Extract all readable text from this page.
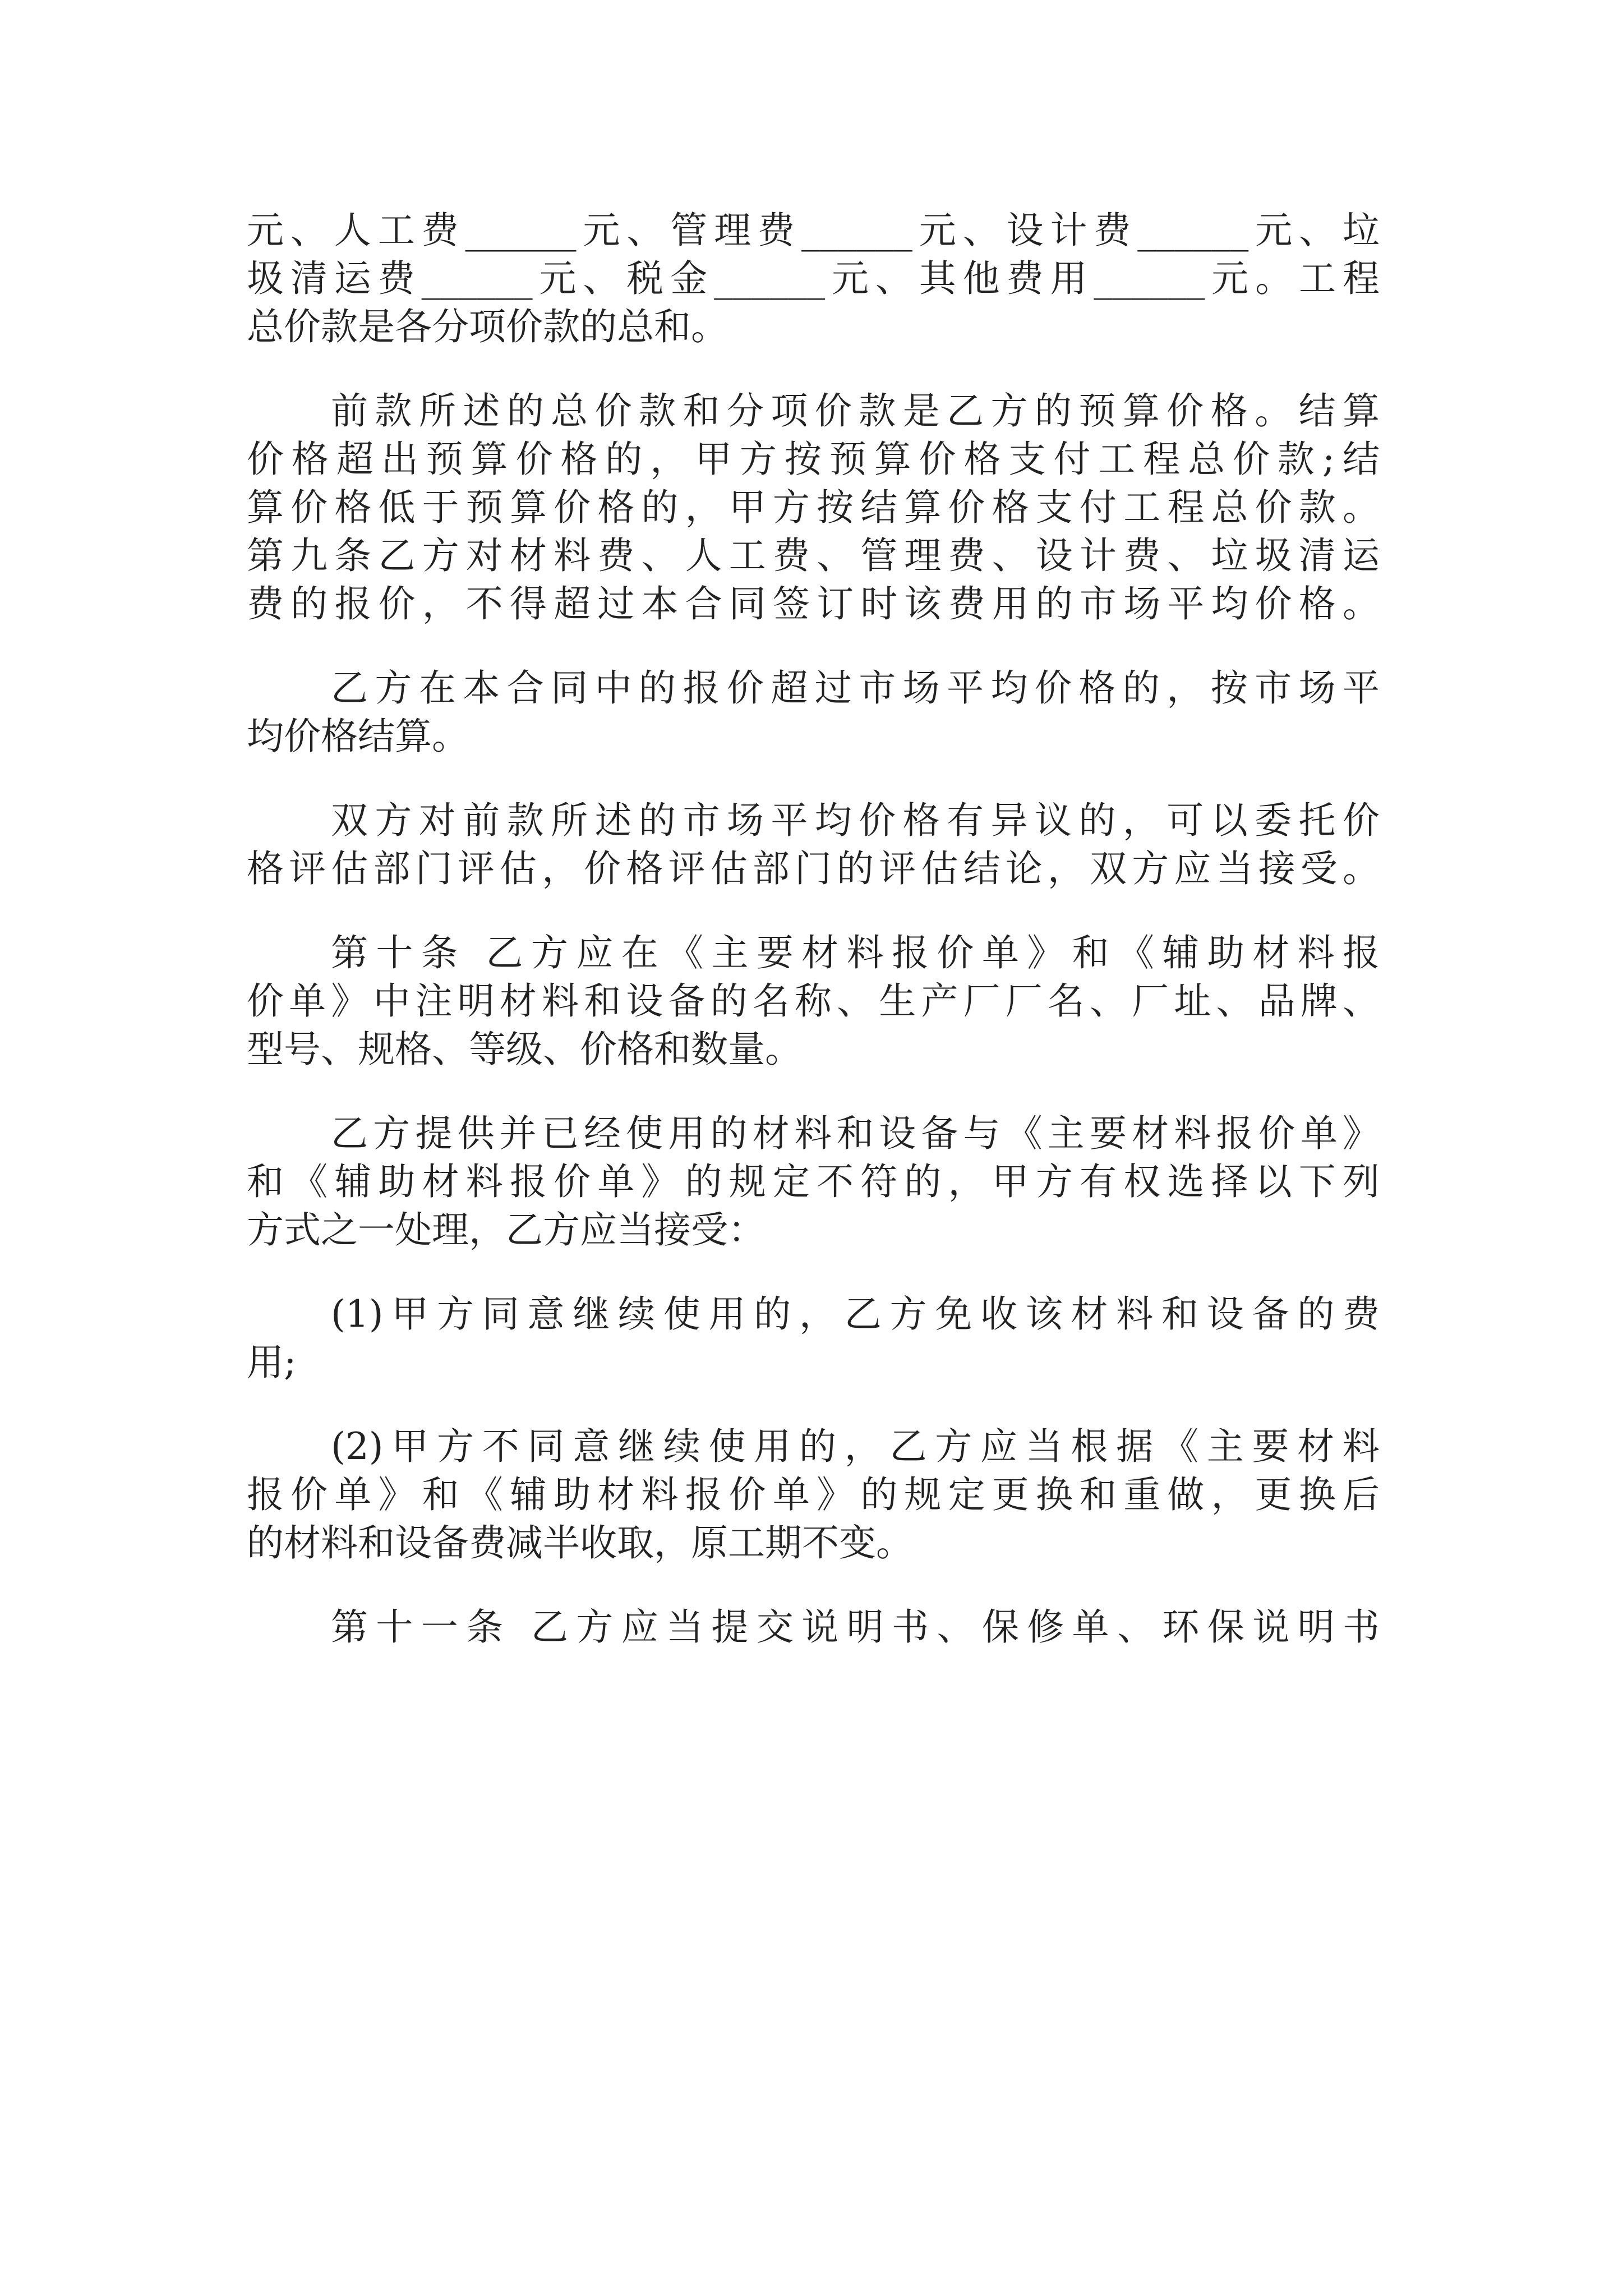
元、人工费______元、管理费______元、设计费______元、垃

圾清运费______元、税金______元、其他费用______元。工程

总价款是各分项价款的总和。

前款所述的总价款和分项价款是乙方的预算价格。结算

价格超出预算价格的，甲方按预算价格支付工程总价款;结

算价格低于预算价格的，甲方按结算价格支付工程总价款。

第九条乙方对材料费、人工费、管理费、设计费、垃圾清运

费的报价，不得超过本合同签订时该费用的市场平均价格。

乙方在本合同中的报价超过市场平均价格的，按市场平

均价格结算。

双方对前款所述的市场平均价格有异议的，可以委托价

格评估部门评估，价格评估部门的评估结论，双方应当接受。

第十条 乙方应在《主要材料报价单》和《辅助材料报

价单》中注明材料和设备的名称、生产厂厂名、厂址、品牌、

型号、规格、等级、价格和数量。

乙方提供并已经使用的材料和设备与《主要材料报价单》

和《辅助材料报价单》的规定不符的，甲方有权选择以下列

方式之一处理，乙方应当接受：

(1)甲方同意继续使用的，乙方免收该材料和设备的费

用;

(2)甲方不同意继续使用的，乙方应当根据《主要材料

报价单》和《辅助材料报价单》的规定更换和重做，更换后

的材料和设备费减半收取，原工期不变。

第十一条 乙方应当提交说明书、保修单、环保说明书
